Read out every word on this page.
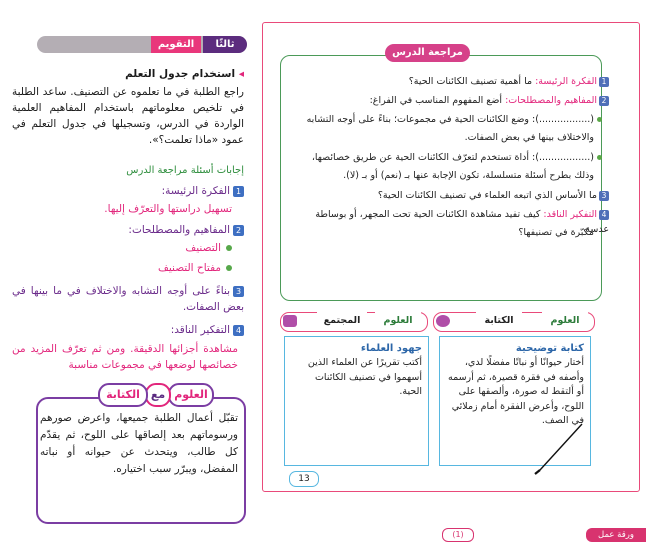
ثالثًا
التقويم
◂ استخدام جدول التعلم
راجع الطلبة في ما تعلموه عن التصنيف. ساعد الطلبة في تلخيص معلوماتهم باستخدام المفاهيم العلمية الواردة في الدرس، وتسجيلها في جدول التعلم في عمود «ماذا تعلمت؟».
إجابات أسئلة مراجعة الدرس
1الفكرة الرئيسة:
تسهيل دراستها والتعرّف إليها.
2المفاهيم والمصطلحات:
التصنيف
مفتاح التصنيف
3بناءً على أوجه التشابه والاختلاف في ما بينها في بعض الصفات.
4التفكير الناقد:
مشاهدة أجزائها الدقيقة. ومن ثم تعرّف المزيد من خصائصها لوضعها في مجموعات مناسبة
العلوم
مع
الكتابة
تقبّل أعمال الطلبة جميعها، واعرض صورهم ورسوماتهم بعد إلصاقها على اللوح، ثم يقدّم كل طالب، ويتحدث عن حيوانه أو نباته المفضل، ويبرّر سبب اختياره.
مراجعة الدرس
1الفكرة الرئيسة: ما أهمية تصنيف الكائنات الحية؟
2المفاهيم والمصطلحات: أضع المفهوم المناسب في الفراغ:
(.................): وضع الكائنات الحية في مجموعات؛ بناءً على أوجه التشابه
والاختلاف بينها في بعض الصفات.
(.................): أداة تستخدم لتعرّف الكائنات الحية عن طريق خصائصها،
وذلك بطرح أسئلة متسلسلة، تكون الإجابة عنها بـ (نعم) أو بـ (لا).
3ما الأساس الذي اتبعه العلماء في تصنيف الكائنات الحية؟
4التفكير الناقد: كيف تفيد مشاهدة الكائنات الحية تحت المجهر، أو بوساطة عدسة
مكبّرة في تصنيفها؟
العلوم
المجتمع	العلوم
الكتابة
جهود العلماء
أكتب تقريرًا عن العلماء الذين أسهموا في تصنيف الكائنات الحية.
كتابة توضيحية
أختار حيوانًا أو نباتًا مفضلًا لدي، وأصفه في فقرة قصيرة، ثم أرسمه أو ألتقط له صورة، وألصقها على اللوح، وأعرض الفقرة أمام زملائي في الصف.
13
(1)	ورقة عمل
